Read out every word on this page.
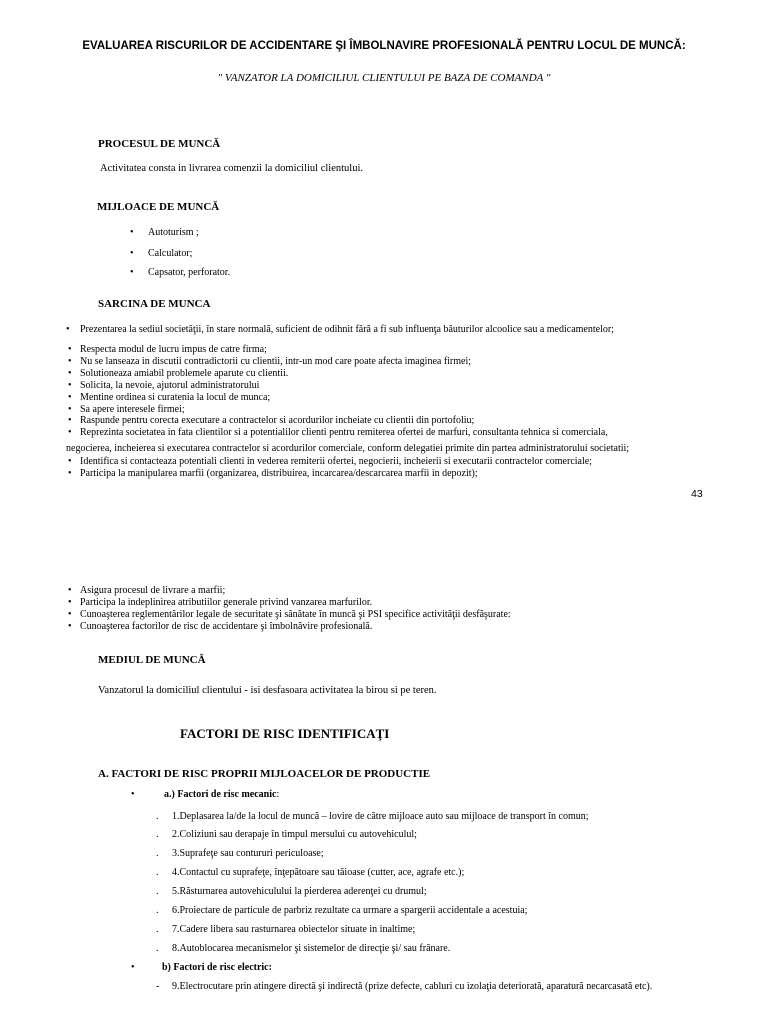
EVALUAREA RISCURILOR DE ACCIDENTARE ŞI ÎMBOLNAVIRE PROFESIONALĂ PENTRU LOCUL DE MUNCĂ:
" VANZATOR LA DOMICILIUL CLIENTULUI PE BAZA DE COMANDA "
PROCESUL DE MUNCĂ
Activitatea consta in livrarea comenzii la domiciliul clientului.
MIJLOACE DE MUNCĂ
• Autoturism ;
• Calculator;
• Capsator, perforator.
SARCINA DE MUNCA
• Prezentarea la sediul societăţii, în stare normală, suficient de odihnit fără a fi sub influenţa băuturilor alcoolice sau a medicamentelor;
• Respecta modul de lucru impus de catre firma;
• Nu se lanseaza in discutii contradictorii cu clientii, intr-un mod care poate afecta imaginea firmei;
• Solutioneaza amiabil problemele aparute cu clientii.
• Solicita, la nevoie, ajutorul administratorului
• Mentine ordinea si curatenia la locul de munca;
• Sa apere interesele firmei;
• Raspunde pentru corecta executare a contractelor si acordurilor incheiate cu clientii din portofoliu;
• Reprezinta societatea in fata clientilor si a potentialilor clienti pentru remiterea ofertei de marfuri, consultanta tehnica si comerciala,
negocierea, incheierea si executarea contractelor si acordurilor comerciale, conform delegatiei primite din partea administratorului societatii;
• Identifica si contacteaza potentiali clienti in vederea remiterii ofertei, negocierii, incheierii si executarii contractelor comerciale;
• Participa la manipularea marfii (organizarea, distribuirea, incarcarea/descarcarea marfii in depozit);
43
• Asigura procesul de livrare a marfii;
• Participa la indeplinirea atributiilor generale privind vanzarea marfurilor.
• Cunoaşterea reglementărilor legale de securitate şi sănătate în muncă şi PSI specifice activităţii desfăşurate:
• Cunoaşterea factorilor de risc de accidentare şi îmbolnăvire profesională.
MEDIUL DE MUNCĂ
Vanzatorul la domiciliul clientului - isi desfasoara activitatea la birou si pe teren.
FACTORI DE RISC IDENTIFICAŢI
A. FACTORI DE RISC PROPRII MIJLOACELOR DE PRODUCTIE
•	a.) Factori de risc mecanic:
. 1.Deplasarea la/de la locul de muncă – lovire de către mijloace auto sau mijloace de transport în comun;
. 2.Coliziuni sau derapaje în timpul mersului cu autovehiculul;
. 3.Suprafeţe sau contururi periculoase;
. 4.Contactul cu suprafeţe, înţepătoare sau tăioase (cutter, ace, agrafe etc.);
. 5.Răsturnarea autovehiculului la pierderea aderenţei cu drumul;
. 6.Proiectare de particule de parbriz rezultate ca urmare a spargerii accidentale a acestuia;
. 7.Cadere libera sau rasturnarea obiectelor situate in inaltime;
. 8.Autoblocarea mecanismelor şi sistemelor de direcţie şi/ sau frânare.
•	b) Factori de risc electric:
- 9.Electrocutare prin atingere directă şi indirectă (prize defecte, cabluri cu izolaţia deteriorată, aparatură necarcasată etc).
